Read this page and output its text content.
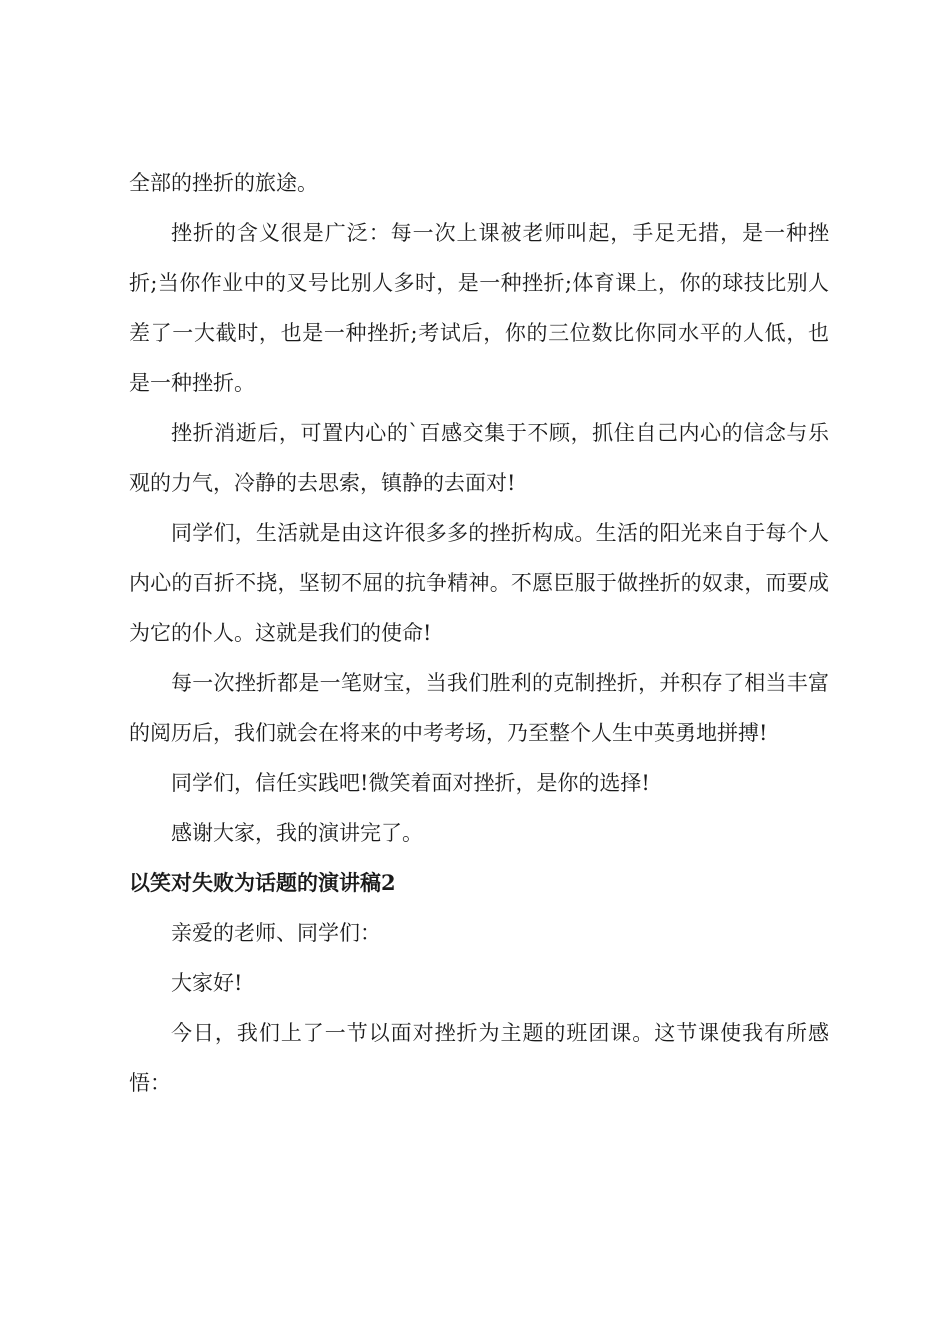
全部的挫折的旅途。

挫折的含义很是广泛：每一次上课被老师叫起，手足无措，是一种挫折;当你作业中的叉号比别人多时，是一种挫折;体育课上，你的球技比别人差了一大截时，也是一种挫折;考试后，你的三位数比你同水平的人低，也是一种挫折。

挫折消逝后，可置内心的`百感交集于不顾，抓住自己内心的信念与乐观的力气，冷静的去思索，镇静的去面对!

同学们，生活就是由这许很多多的挫折构成。生活的阳光来自于每个人内心的百折不挠，坚韧不屈的抗争精神。不愿臣服于做挫折的奴隶，而要成为它的仆人。这就是我们的使命!

每一次挫折都是一笔财宝，当我们胜利的克制挫折，并积存了相当丰富的阅历后，我们就会在将来的中考考场，乃至整个人生中英勇地拼搏!

同学们，信任实践吧!微笑着面对挫折，是你的选择!

感谢大家，我的演讲完了。

以笑对失败为话题的演讲稿2

亲爱的老师、同学们：

大家好!

今日，我们上了一节以面对挫折为主题的班团课。这节课使我有所感悟：
